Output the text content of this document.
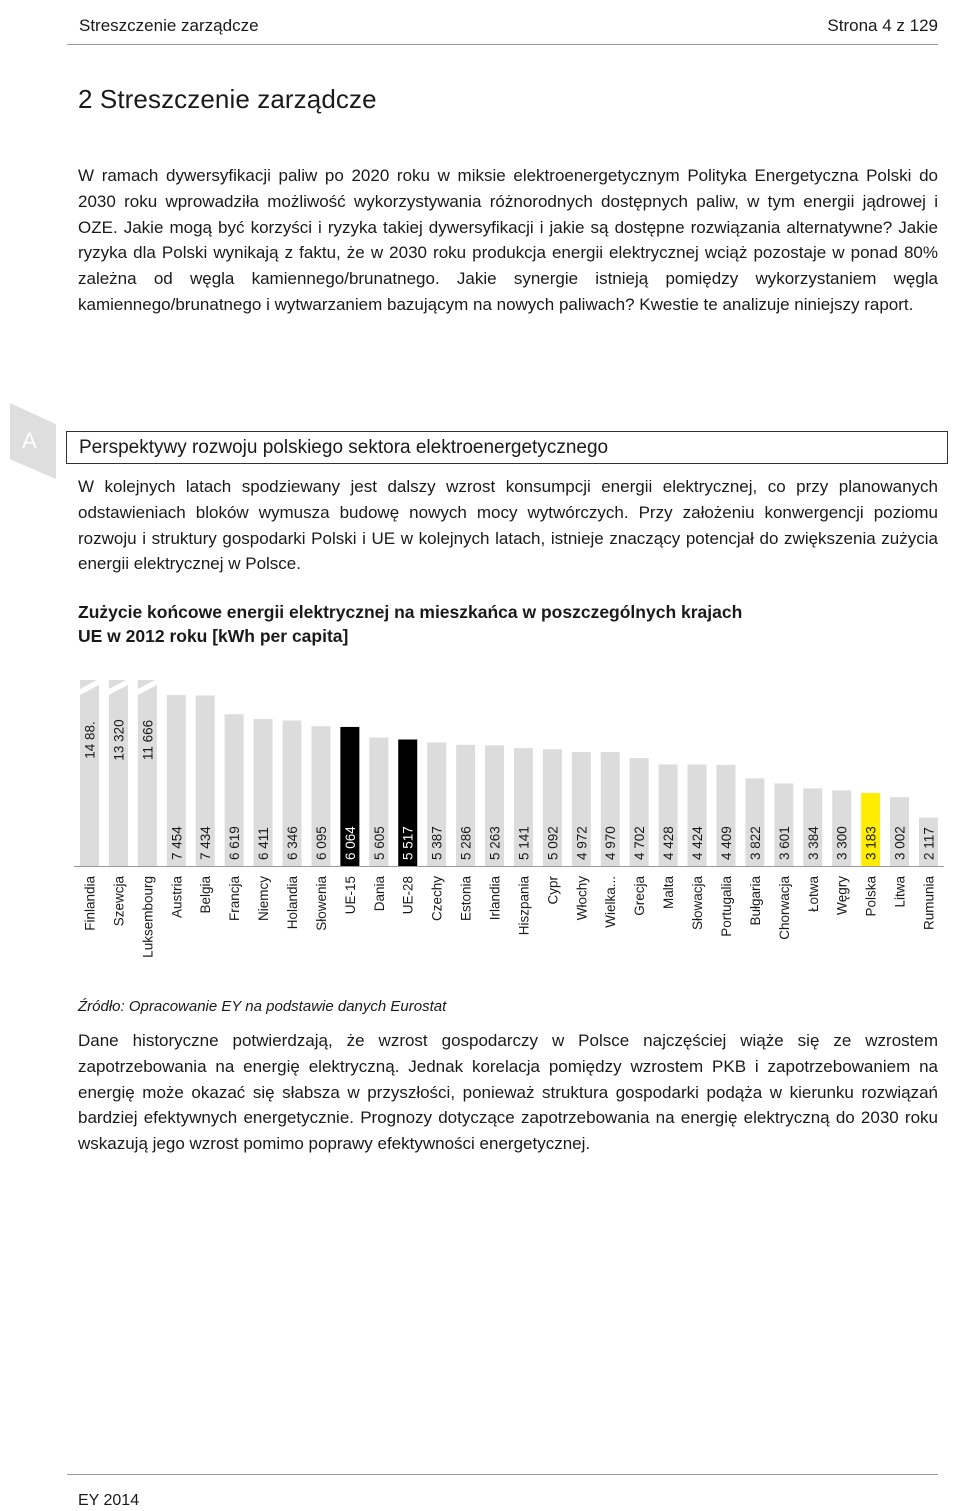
Streszczenie zarządcze	Strona 4 z 129
2 Streszczenie zarządcze

W ramach dywersyfikacji paliw po 2020 roku w miksie elektroenergetycznym Polityka Energetyczna Polski do 2030 roku wprowadziła możliwość wykorzystywania różnorodnych dostępnych paliw, w tym energii jądrowej i OZE. Jakie mogą być korzyści i ryzyka takiej dywersyfikacji i jakie są dostępne rozwiązania alternatywne? Jakie ryzyka dla Polski wynikają z faktu, że w 2030 roku produkcja energii elektrycznej wciąż pozostaje w ponad 80% zależna od węgla kamiennego/brunatnego. Jakie synergie istnieją pomiędzy wykorzystaniem węgla kamiennego/brunatnego i wytwarzaniem bazującym na nowych paliwach? Kwestie te analizuje niniejszy raport.

A Perspektywy rozwoju polskiego sektora elektroenergetycznego

W kolejnych latach spodziewany jest dalszy wzrost konsumpcji energii elektrycznej, co przy planowanych odstawieniach bloków wymusza budowę nowych mocy wytwórczych. Przy założeniu konwergencji poziomu rozwoju i struktury gospodarki Polski i UE w kolejnych latach, istnieje znaczący potencjał do zwiększenia zużycia energii elektrycznej w Polsce.

Zużycie końcowe energii elektrycznej na mieszkańca w poszczególnych krajach
UE w 2012 roku [kWh per capita]

14 88.
Finlandia
13 320
Szewcja
11 666
Luksembourg
7 454
Austria
7 434
Belgia
6 619
Francja
6 411
Niemcy
6 346
Holandia
6 095
Słowenia
6 064
UE-15
5 605
Dania
5 517
UE-28
5 387
Czechy
5 286
Estonia
5 263
Irlandia
5 141
Hiszpania
5 092
Cypr
4 972
Włochy
4 970
Wielka...
4 702
Grecja
4 428
Malta
4 424
Słowacja
4 409
Portugalia
3 822
Bułgaria
3 601
Chorwacja
3 384
Łotwa
3 300
Węgry
3 183
Polska
3 002
Litwa
2 117
Rumunia
Źródło: Opracowanie EY na podstawie danych Eurostat

Dane historyczne potwierdzają, że wzrost gospodarczy w Polsce najczęściej wiąże się ze wzrostem zapotrzebowania na energię elektryczną. Jednak korelacja pomiędzy wzrostem PKB i zapotrzebowaniem na energię może okazać się słabsza w przyszłości, ponieważ struktura gospodarki podąża w kierunku rozwiązań bardziej efektywnych energetycznie. Prognozy dotyczące zapotrzebowania na energię elektryczną do 2030 roku wskazują jego wzrost pomimo poprawy efektywności energetycznej.

EY 2014
